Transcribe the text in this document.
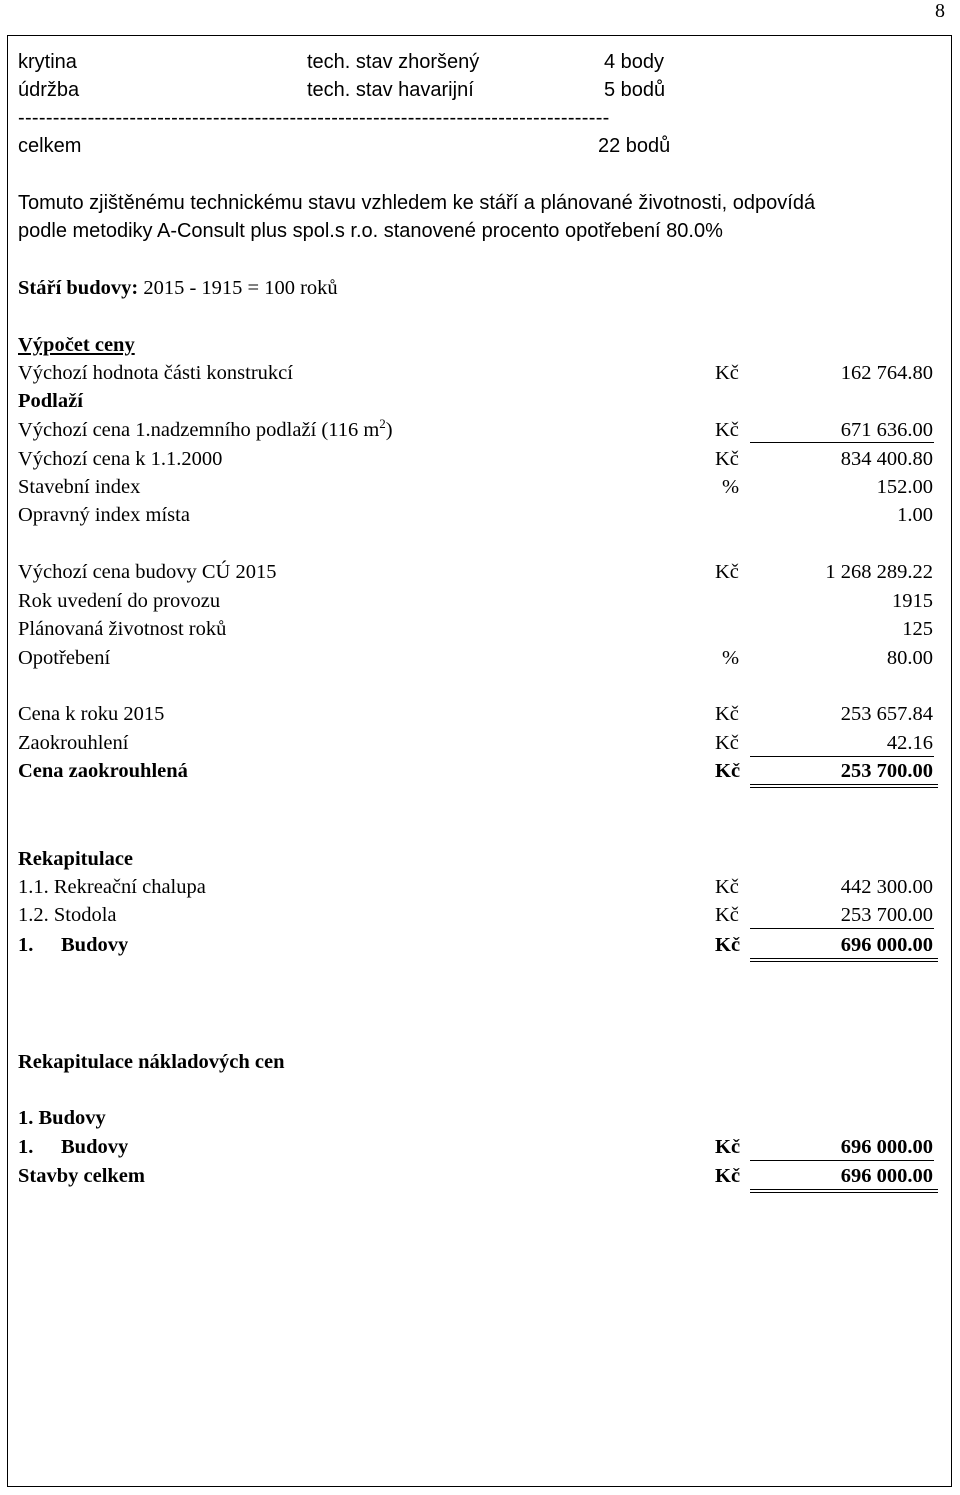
8
krytina	tech. stav zhoršený	4 body
údržba	tech. stav havarijní	5 bodů
-------------------------------------------------------------------------------------
celkem	22 bodů
Tomuto zjištěnému technickému stavu vzhledem ke stáří a plánované životnosti, odpovídá
podle metodiky A-Consult plus spol.s r.o. stanovené procento opotřebení 80.0%
Stáří budovy: 2015 - 1915 = 100 roků
Výpočet ceny
Výchozí hodnota části konstrukcí	Kč	162 764.80
Podlaží
Výchozí cena 1.nadzemního podlaží (116 $m^2$)	Kč	671 636.00
Výchozí cena k 1.1.2000	Kč	834 400.80
Stavební index	%	152.00
Opravný index místa	1.00
Výchozí cena budovy CÚ 2015	Kč	1 268 289.22
Rok uvedení do provozu	1915
Plánovaná životnost roků	125
Opotřebení	%	80.00
Cena k roku 2015	Kč	253 657.84
Zaokrouhlení	Kč	42.16
Cena zaokrouhlená	Kč	253 700.00
Rekapitulace
1.1. Rekreační chalupa	Kč	442 300.00
1.2. Stodola	Kč	253 700.00
1. Budovy	Kč	696 000.00
Rekapitulace nákladových cen
1. Budovy
1. Budovy	Kč	696 000.00
Stavby celkem	Kč	696 000.00
